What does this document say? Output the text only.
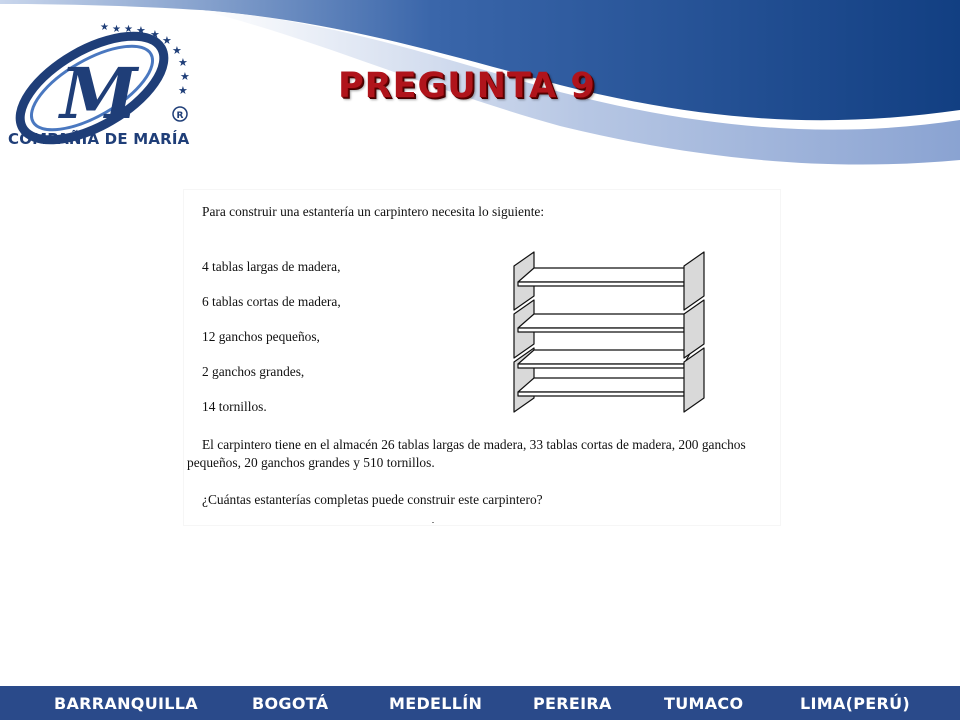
M
★ ★ ★ ★ ★ ★
★
★
★
★
R
COMPAÑÍA DE MARÍA
PREGUNTA 9

Para construir una estantería un carpintero necesita lo siguiente:

4 tablas largas de madera,

6 tablas cortas de madera,

12 ganchos pequeños,

2 ganchos grandes,

14 tornillos.

El carpintero tiene en el almacén 26 tablas largas de madera, 33 tablas cortas de madera, 200 ganchos pequeños, 20 ganchos grandes y 510 tornillos.

¿Cuántas estanterías completas puede construir este carpintero?

BARRANQUILLA	BOGOTÁ	MEDELLÍN	PEREIRA	TUMACO	LIMA(PERÚ)
